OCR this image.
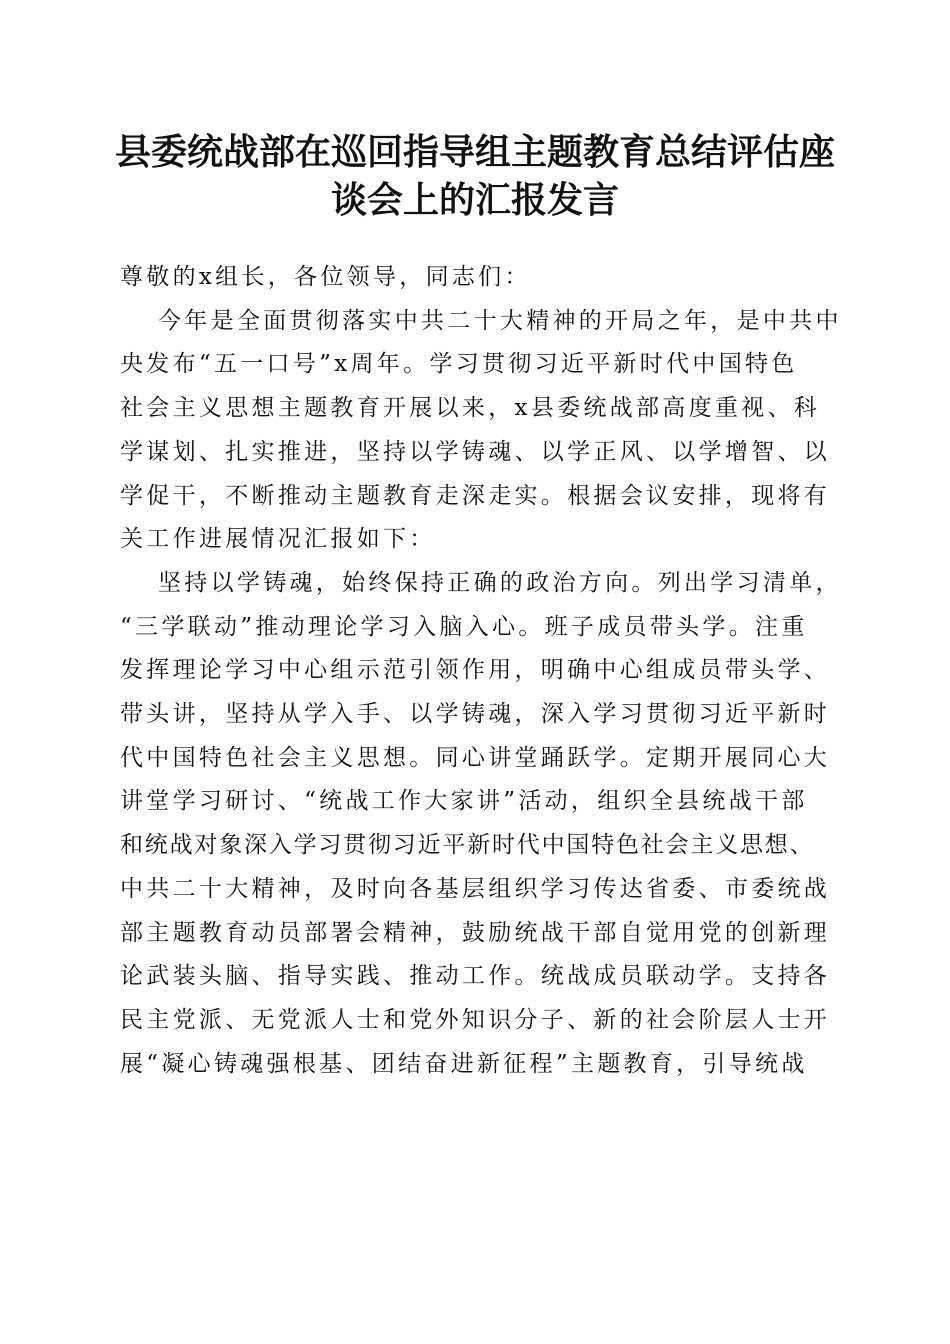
县委统战部在巡回指导组主题教育总结评估座
谈会上的汇报发言
尊敬的x组长，各位领导，同志们：
今年是全面贯彻落实中共二十大精神的开局之年，是中共中
央发布“五一口号”x周年。学习贯彻习近平新时代中国特色
社会主义思想主题教育开展以来，x县委统战部高度重视、科
学谋划、扎实推进，坚持以学铸魂、以学正风、以学增智、以
学促干，不断推动主题教育走深走实。根据会议安排，现将有
关工作进展情况汇报如下：
坚持以学铸魂，始终保持正确的政治方向。列出学习清单，
“三学联动”推动理论学习入脑入心。班子成员带头学。注重
发挥理论学习中心组示范引领作用，明确中心组成员带头学、
带头讲，坚持从学入手、以学铸魂，深入学习贯彻习近平新时
代中国特色社会主义思想。同心讲堂踊跃学。定期开展同心大
讲堂学习研讨、“统战工作大家讲”活动，组织全县统战干部
和统战对象深入学习贯彻习近平新时代中国特色社会主义思想、
中共二十大精神，及时向各基层组织学习传达省委、市委统战
部主题教育动员部署会精神，鼓励统战干部自觉用党的创新理
论武装头脑、指导实践、推动工作。统战成员联动学。支持各
民主党派、无党派人士和党外知识分子、新的社会阶层人士开
展“凝心铸魂强根基、团结奋进新征程”主题教育，引导统战
